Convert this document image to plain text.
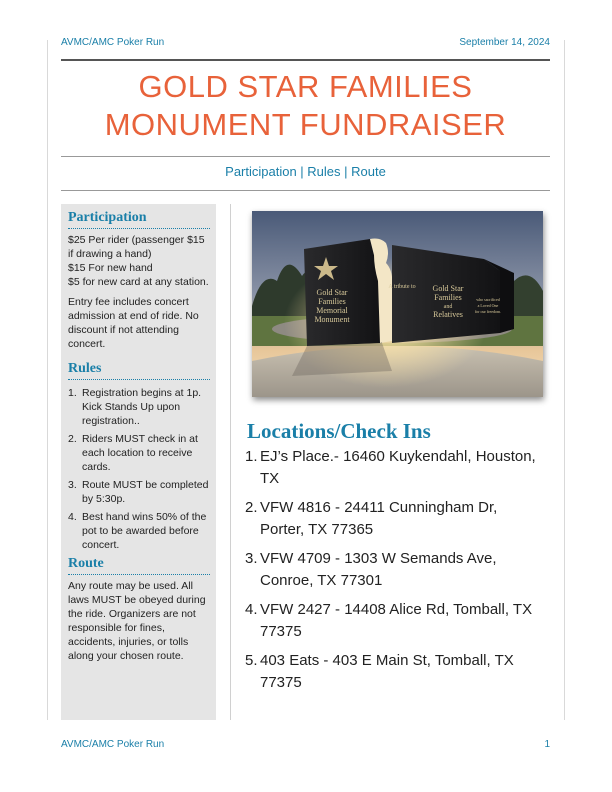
AVMC/AMC Poker Run	September 14, 2024
GOLD STAR FAMILIES
MONUMENT FUNDRAISER
Participation | Rules | Route
Participation
$25 Per rider (passenger $15 if drawing a hand)
$15 For new hand
$5 for new card at any station.
Entry fee includes concert admission at end of ride. No discount if not attending concert.
Rules
1. Registration begins at 1p. Kick Stands Up upon registration..
2. Riders MUST check in at each location to receive cards.
3. Route MUST be completed by 5:30p.
4. Best hand wins 50% of the pot to be awarded before concert.
Route
Any route may be used. All laws MUST be obeyed during the ride. Organizers are not responsible for fines, accidents, injuries, or tolls along your chosen route.
Gold Star
Families
Memorial
Monument
A tribute to Gold Star
Families
and
Relatives
who sacrificed
a Loved One
for our freedom.
Locations/Check Ins
1. EJ’s Place.- 16460 Kuykendahl, Houston, TX
2. VFW 4816 - 24411 Cunningham Dr, Porter, TX 77365
3. VFW 4709 - 1303 W Semands Ave, Conroe, TX 77301
4. VFW 2427 - 14408 Alice Rd, Tomball, TX 77375
5. 403 Eats - 403 E Main St, Tomball, TX 77375
AVMC/AMC Poker Run	1
